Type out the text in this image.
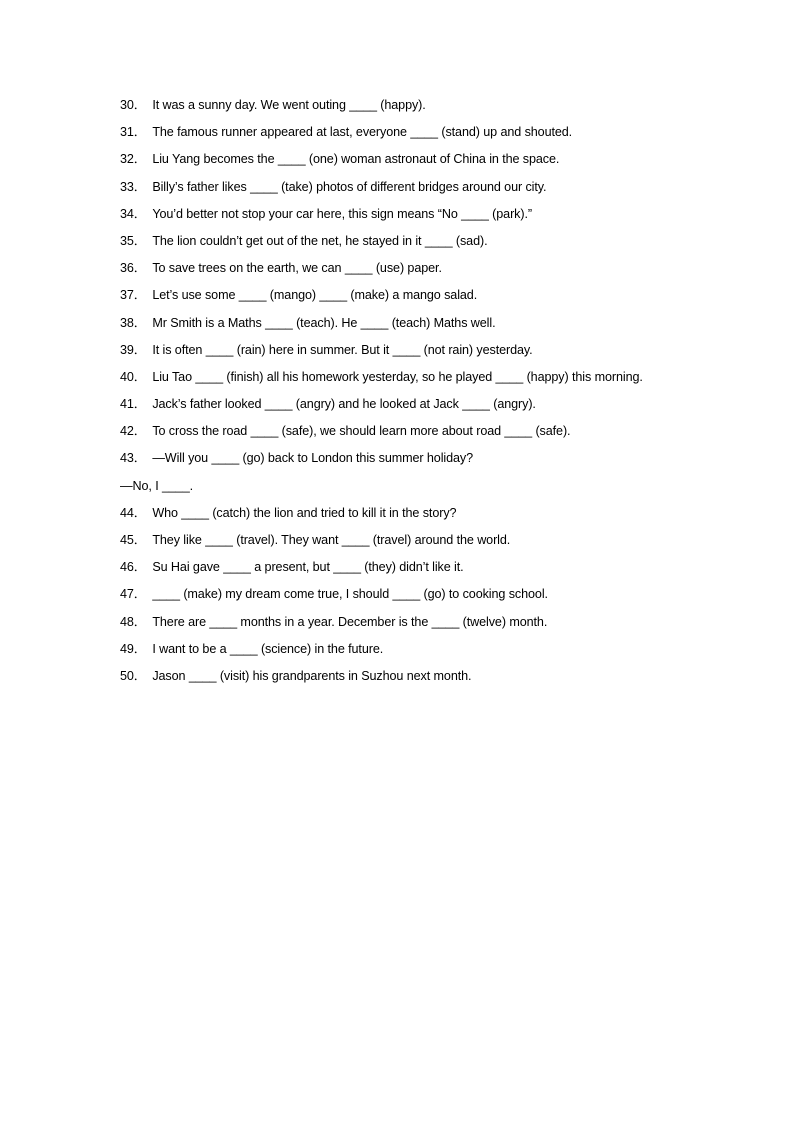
30． It was a sunny day. We went outing ____ (happy).
31． The famous runner appeared at last, everyone ____ (stand) up and shouted.
32． Liu Yang becomes the ____ (one) woman astronaut of China in the space.
33． Billy’s father likes ____ (take) photos of different bridges around our city.
34． You’d better not stop your car here, this sign means “No ____ (park).”
35． The lion couldn’t get out of the net, he stayed in it ____ (sad).
36． To save trees on the earth, we can ____ (use) paper.
37． Let’s use some ____ (mango) ____ (make) a mango salad.
38． Mr Smith is a Maths ____ (teach). He ____ (teach) Maths well.
39． It is often ____ (rain) here in summer. But it ____ (not rain) yesterday.
40． Liu Tao ____ (finish) all his homework yesterday, so he played ____ (happy) this morning.
41． Jack’s father looked ____ (angry) and he looked at Jack ____ (angry).
42． To cross the road ____ (safe), we should learn more about road ____ (safe).
43． —Will you ____ (go) back to London this summer holiday?
—No, I ____.
44． Who ____ (catch) the lion and tried to kill it in the story?
45． They like ____ (travel). They want ____ (travel) around the world.
46． Su Hai gave ____ a present, but ____ (they) didn’t like it.
47． ____ (make) my dream come true, I should ____ (go) to cooking school.
48． There are ____ months in a year. December is the ____ (twelve) month.
49． I want to be a ____ (science) in the future.
50． Jason ____ (visit) his grandparents in Suzhou next month.
